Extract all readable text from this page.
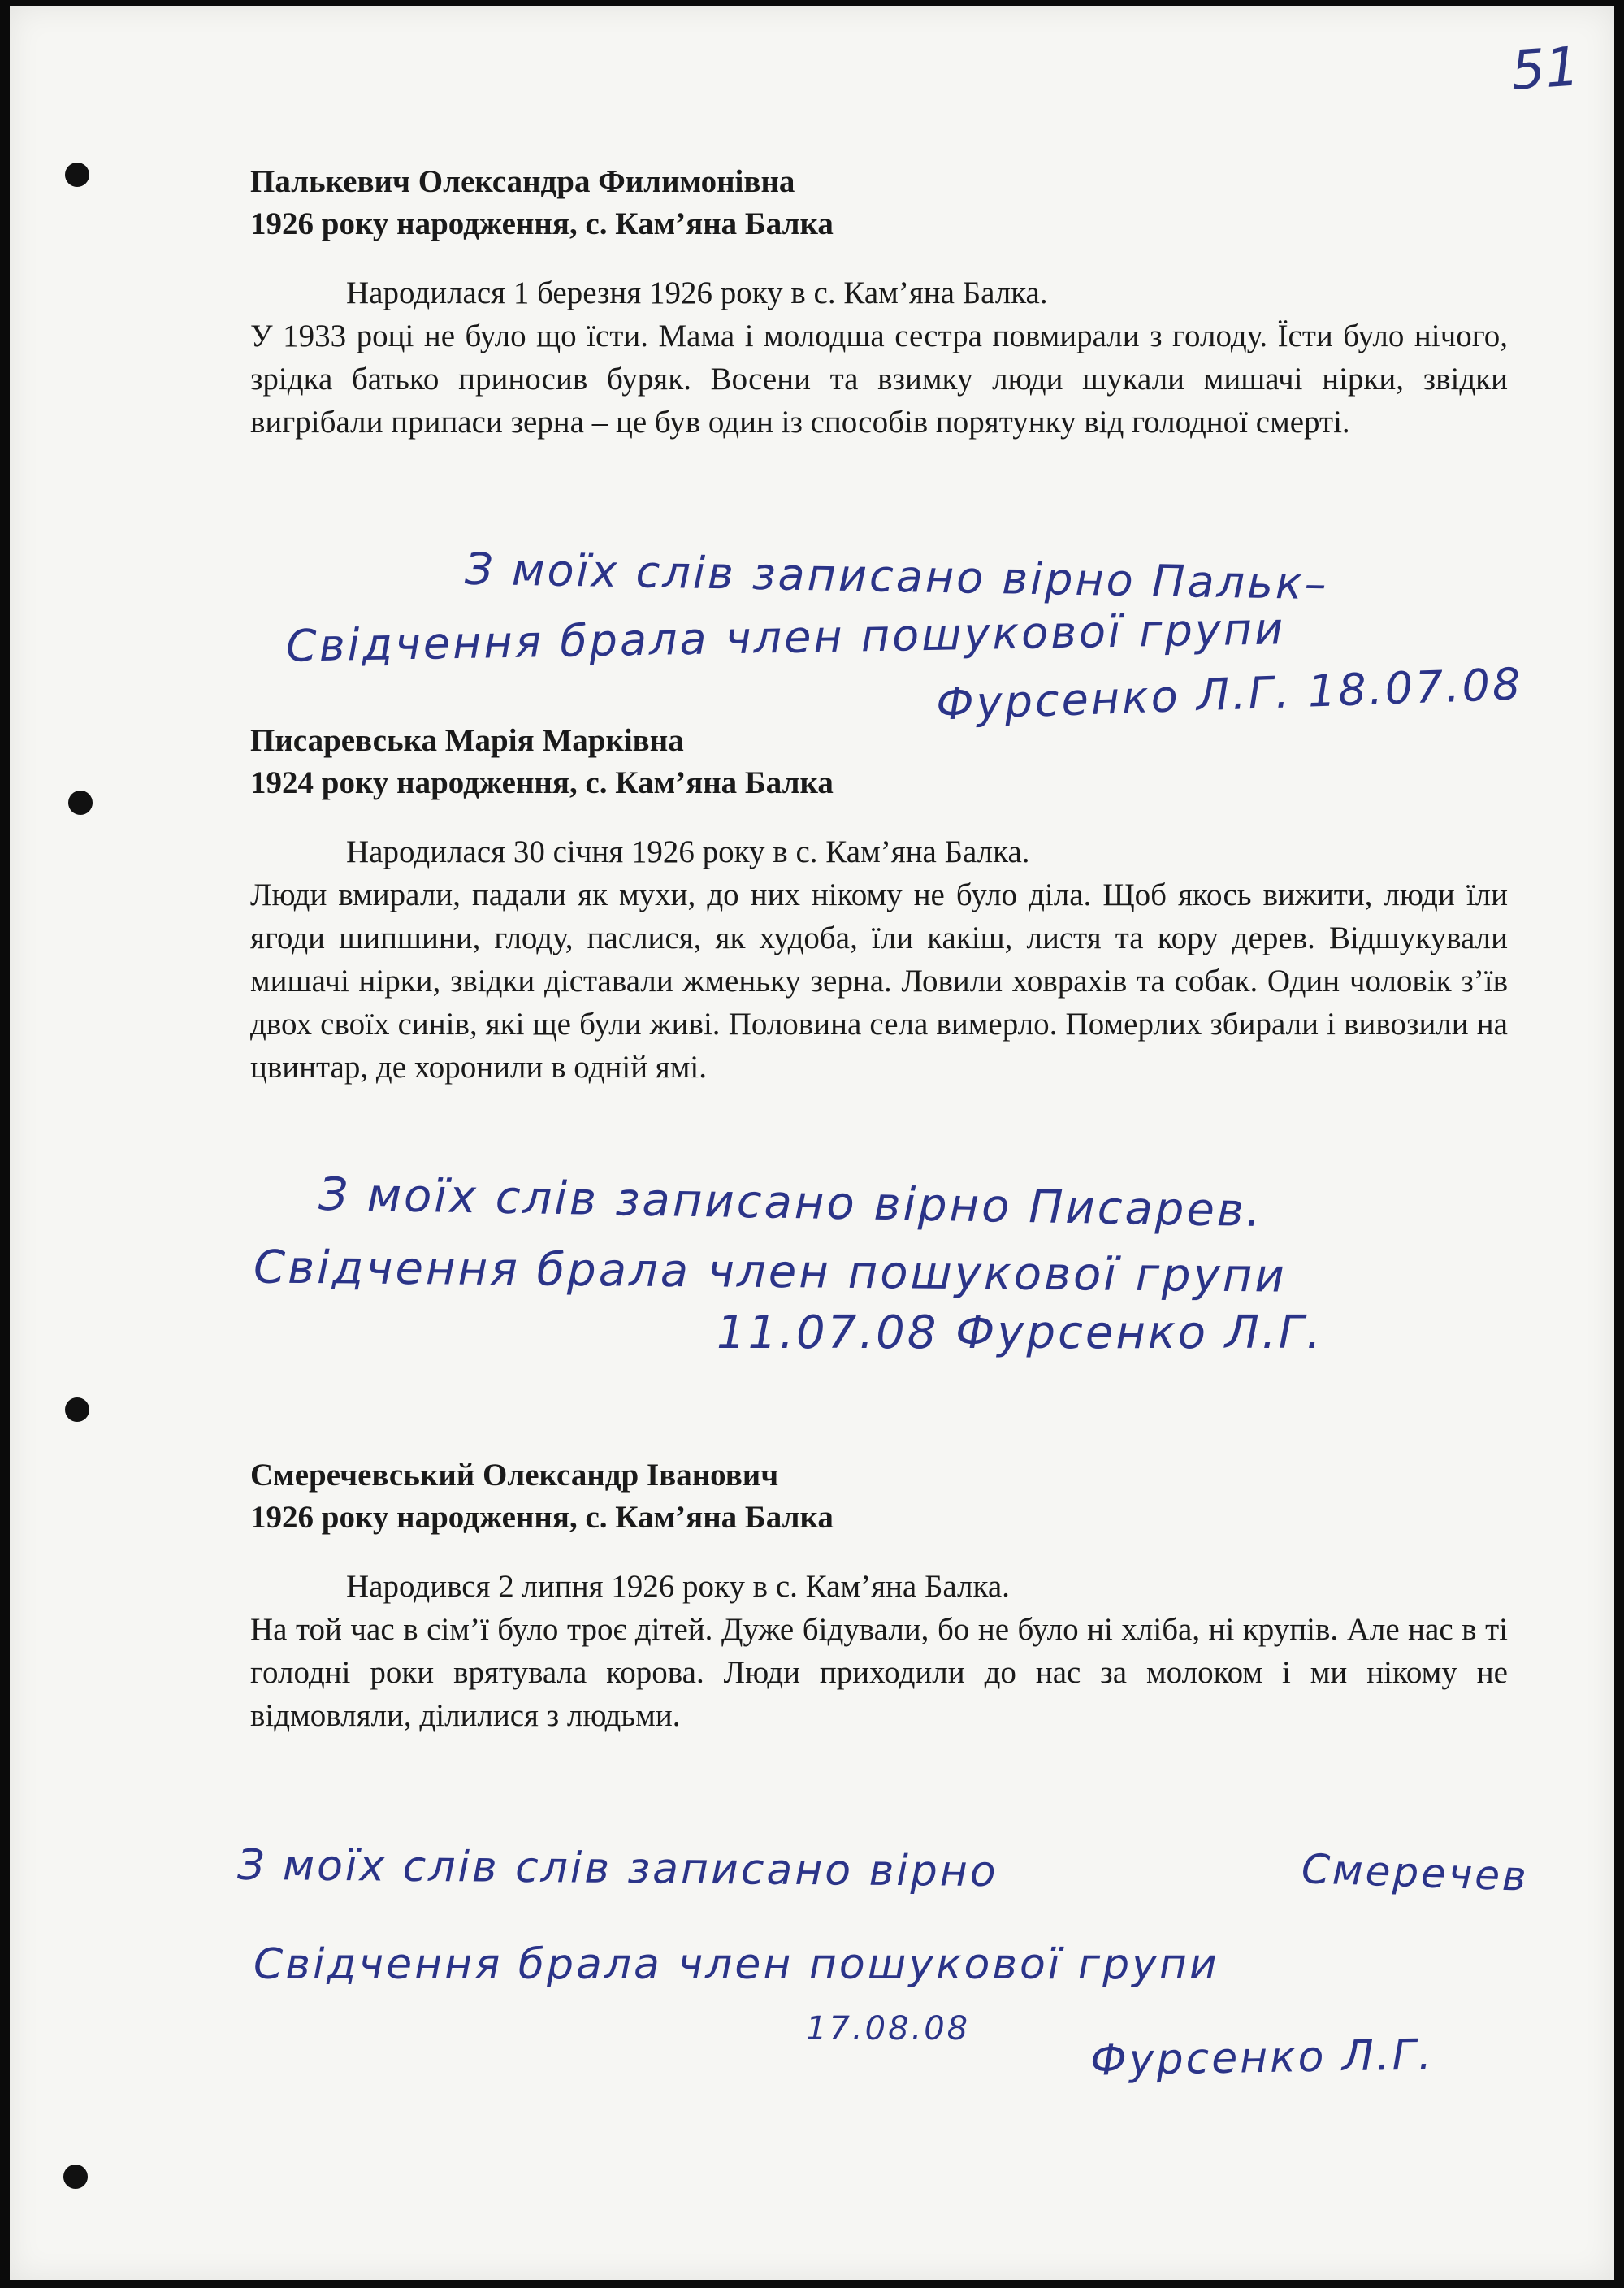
51
Палькевич Олександра Филимонівна
1926 року народження, с. Кам’яна Балка

Народилася 1 березня 1926 року в с. Кам’яна Балка.

У 1933 році не було що їсти. Мама і молодша сестра повмирали з голоду. Їсти було нічого, зрідка батько приносив буряк. Восени та взимку люди шукали мишачі нірки, звідки вигрібали припаси зерна – це був один із способів порятунку від голодної смерті.

З моїх слів записано вірно Пальк–
Свідчення брала член пошукової групи
Фурсенко Л.Г. 18.07.08
Писаревська Марія Марківна
1924 року народження, с. Кам’яна Балка

Народилася 30 січня 1926 року в с. Кам’яна Балка.

Люди вмирали, падали як мухи, до них нікому не було діла. Щоб якось вижити, люди їли ягоди шипшини, глоду, паслися, як худоба, їли какіш, листя та кору дерев. Відшукували мишачі нірки, звідки діставали жменьку зерна. Ловили ховрахів та собак. Один чоловік з’їв двох своїх синів, які ще були живі. Половина села вимерло. Померлих збирали і вивозили на цвинтар, де хоронили в одній ямі.

З моїх слів записано вірно Писарев.
Свідчення брала член пошукової групи
11.07.08 Фурсенко Л.Г.
Смеречевський Олександр Іванович
1926 року народження, с. Кам’яна Балка

Народився 2 липня 1926 року в с. Кам’яна Балка.

На той час в сім’ї було троє дітей. Дуже бідували, бо не було ні хліба, ні крупів. Але нас в ті голодні роки врятувала корова. Люди приходили до нас за молоком і ми нікому не відмовляли, ділилися з людьми.

З моїх слів слів записано вірно	Смеречев
Свідчення брала член пошукової групи
17.08.08
Фурсенко Л.Г.
